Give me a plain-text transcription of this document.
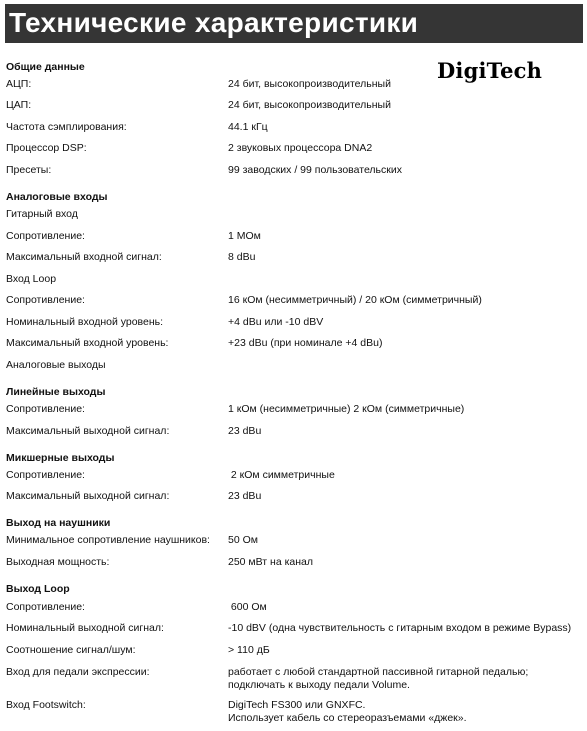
Технические характеристики
DigiTech
Общие данные
АЦП:	24 бит, высокопроизводительный
ЦАП:	24 бит, высокопроизводительный
Частота сэмплирования:	44.1 кГц
Процессор DSP:	2 звуковых процессора DNA2
Пресеты:	99 заводских / 99 пользовательских
Аналоговые входы
Гитарный вход
Сопротивление:	1 МОм
Максимальный входной сигнал:	8 dBu
Вход Loop
Сопротивление:	16 кОм (несимметричный) / 20 кОм (симметричный)
Номинальный входной уровень:	+4 dBu или -10 dBV
Максимальный входной уровень:	+23 dBu (при номинале +4 dBu)
Аналоговые выходы
Линейные выходы
Сопротивление:	1 кОм (несимметричные) 2 кОм (симметричные)
Максимальный выходной сигнал:	23 dBu
Микшерные выходы
Сопротивление:	2 кОм симметричные
Максимальный выходной сигнал:	23 dBu
Выход на наушники
Минимальное сопротивление наушников: 50 Ом
Выходная мощность:	250 мВт на канал
Выход Loop
Сопротивление:	600 Ом
Номинальный выходной сигнал:	-10 dBV (одна чувствительность с гитарным входом в режиме Bypass)
Соотношение сигнал/шум:	> 110 дБ
Вход для педали экспрессии:	работает с любой стандартной пассивной гитарной педалью;
подключать к выходу педали Volume.
Вход Footswitch:	DigiTech FS300 или GNXFC.
Использует кабель со стереоразъемами «джек».
